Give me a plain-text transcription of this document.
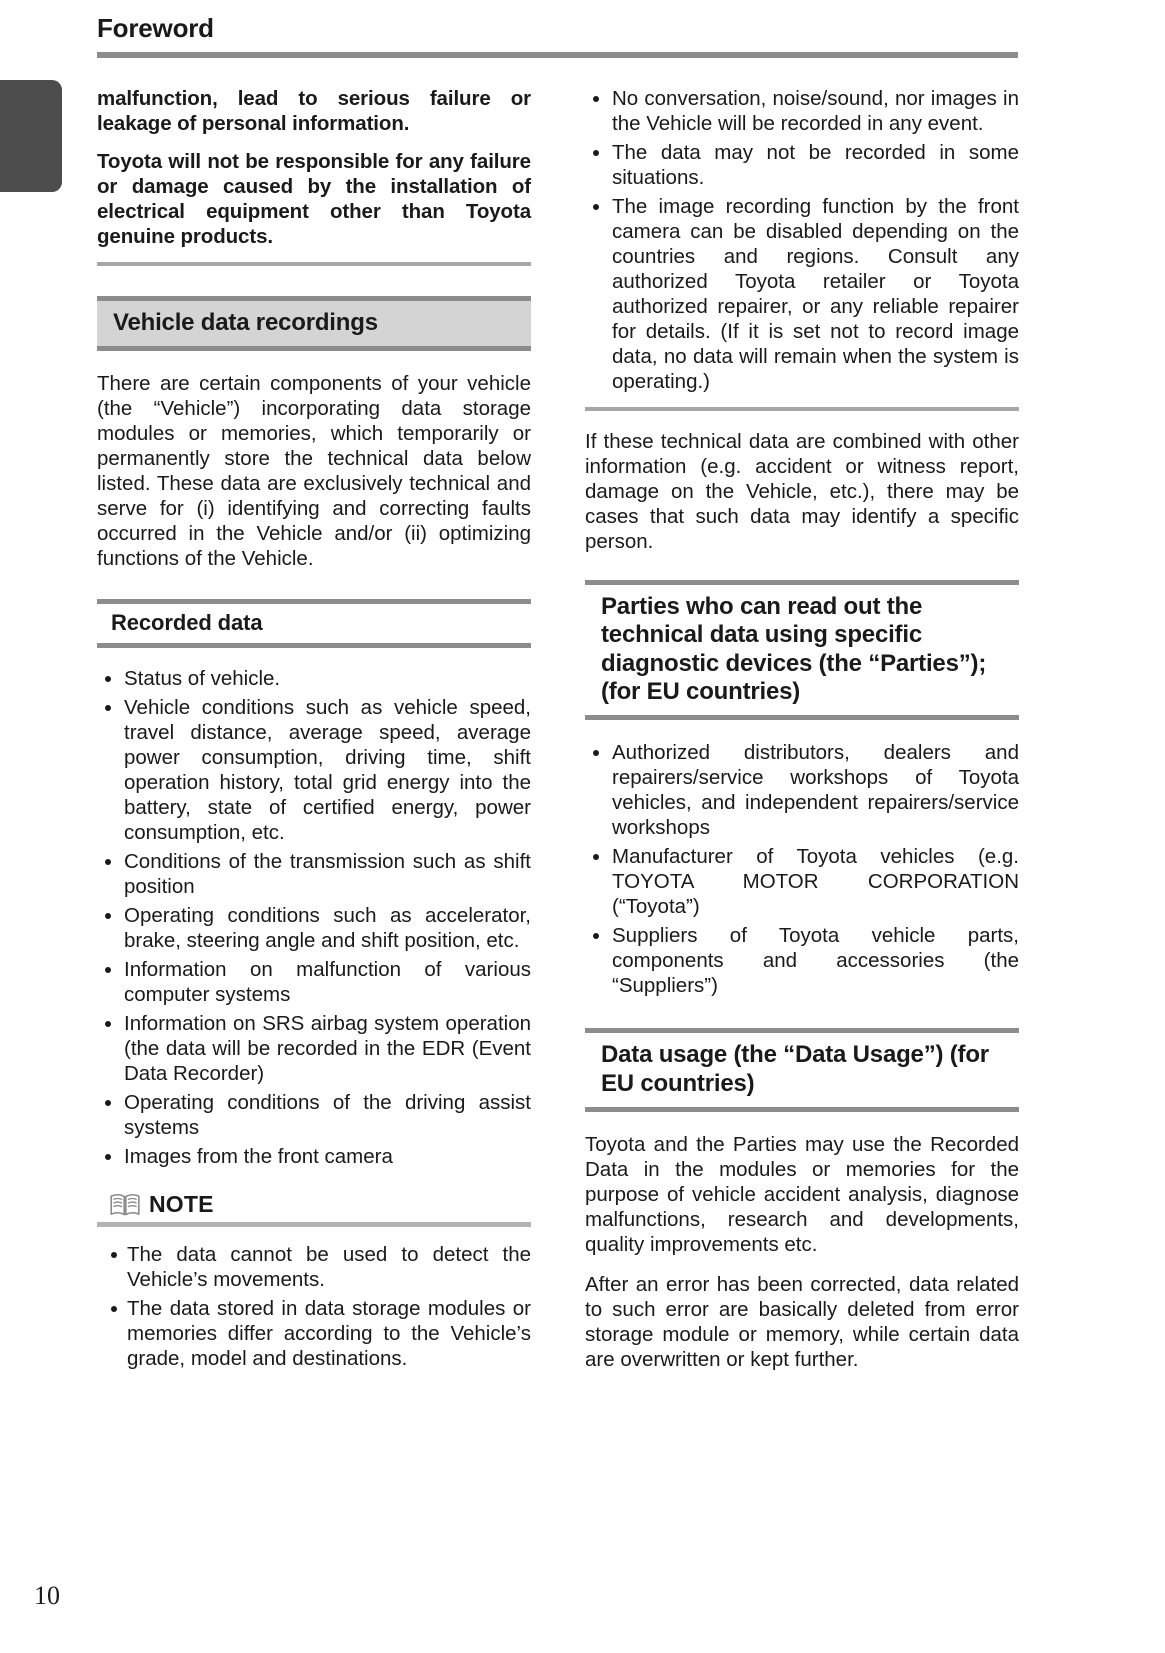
Foreword

malfunction, lead to serious failure or leakage of personal information.

Toyota will not be responsible for any failure or damage caused by the installation of electrical equipment other than Toyota genuine products.

Vehicle data recordings

There are certain components of your vehicle (the “Vehicle”) incorporating data storage modules or memories, which temporarily or permanently store the technical data below listed. These data are exclusively technical and serve for (i) identifying and correcting faults occurred in the Vehicle and/or (ii) optimizing functions of the Vehicle.

Recorded data
Status of vehicle.
Vehicle conditions such as vehicle speed, travel distance, average speed, average power consumption, driving time, shift operation history, total grid energy into the battery, state of certified energy, power consumption, etc.
Conditions of the transmission such as shift position
Operating conditions such as accelerator, brake, steering angle and shift position, etc.
Information on malfunction of various computer systems
Information on SRS airbag system operation (the data will be recorded in the EDR (Event Data Recorder)
Operating conditions of the driving assist systems
Images from the front camera
NOTE
The data cannot be used to detect the Vehicle’s movements.
The data stored in data storage modules or memories differ according to the Vehicle’s grade, model and destinations.
No conversation, noise/sound, nor images in the Vehicle will be recorded in any event.
The data may not be recorded in some situations.
The image recording function by the front camera can be disabled depending on the countries and regions. Consult any authorized Toyota retailer or Toyota authorized repairer, or any reliable repairer for details. (If it is set not to record image data, no data will remain when the system is operating.)

If these technical data are combined with other information (e.g. accident or witness report, damage on the Vehicle, etc.), there may be cases that such data may identify a specific person.

Parties who can read out the technical data using specific diagnostic devices (the “Parties”); (for EU countries)
Authorized distributors, dealers and repairers/service workshops of Toyota vehicles, and independent repairers/service workshops
Manufacturer of Toyota vehicles (e.g. TOYOTA MOTOR CORPORATION (“Toyota”)
Suppliers of Toyota vehicle parts, components and accessories (the “Suppliers”)
Data usage (the “Data Usage”) (for EU countries)

Toyota and the Parties may use the Recorded Data in the modules or memories for the purpose of vehicle accident analysis, diagnose malfunctions, research and developments, quality improvements etc.

After an error has been corrected, data related to such error are basically deleted from error storage module or memory, while certain data are overwritten or kept further.

10
